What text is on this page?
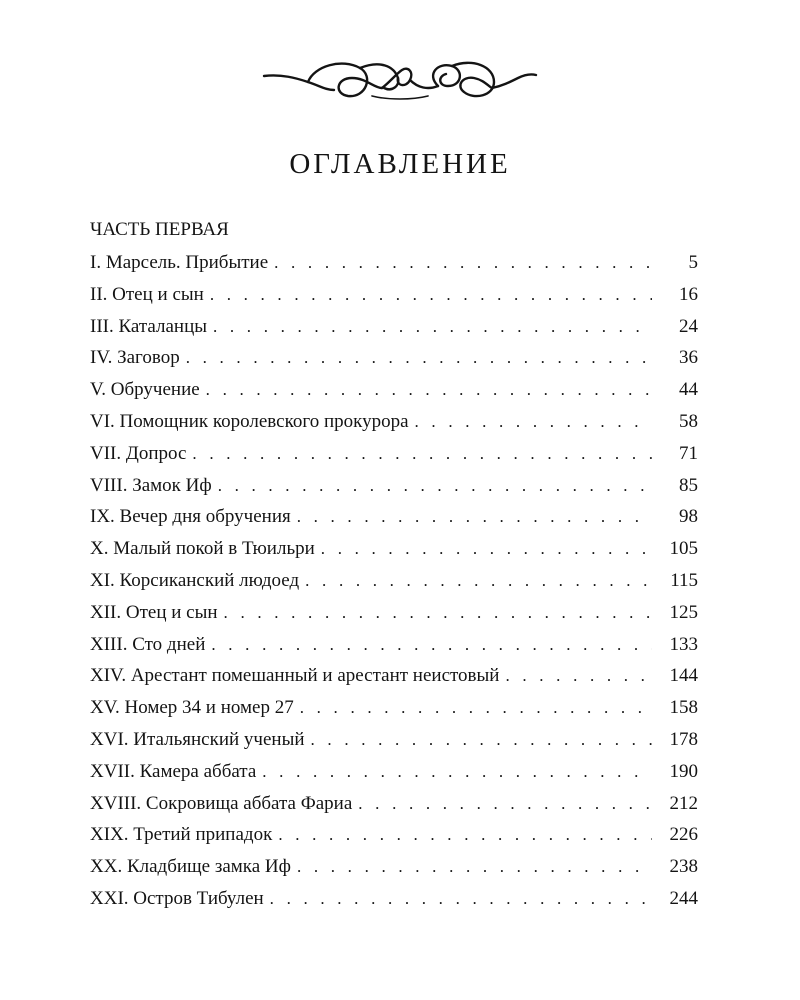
ОГЛАВЛЕНИЕ
ЧАСТЬ ПЕРВАЯ
I. Марсель. Прибытие . . .	5
II. Отец и сын . . .	16
III. Каталанцы . . .	24
IV. Заговор . . .	36
V. Обручение . . .	44
VI. Помощник королевского прокурора . . .	58
VII. Допрос . . .	71
VIII. Замок Иф . . .	85
IX. Вечер дня обручения . . .	98
X. Малый покой в Тюильри . . .	105
XI. Корсиканский людоед . . .	115
XII. Отец и сын . . .	125
XIII. Сто дней . . .	133
XIV. Арестант помешанный и арестант неистовый . . .	144
XV. Номер 34 и номер 27 . . .	158
XVI. Итальянский ученый . . .	178
XVII. Камера аббата . . .	190
XVIII. Сокровища аббата Фариа . . .	212
XIX. Третий припадок . . .	226
XX. Кладбище замка Иф . . .	238
XXI. Остров Тибулен . . .	244
